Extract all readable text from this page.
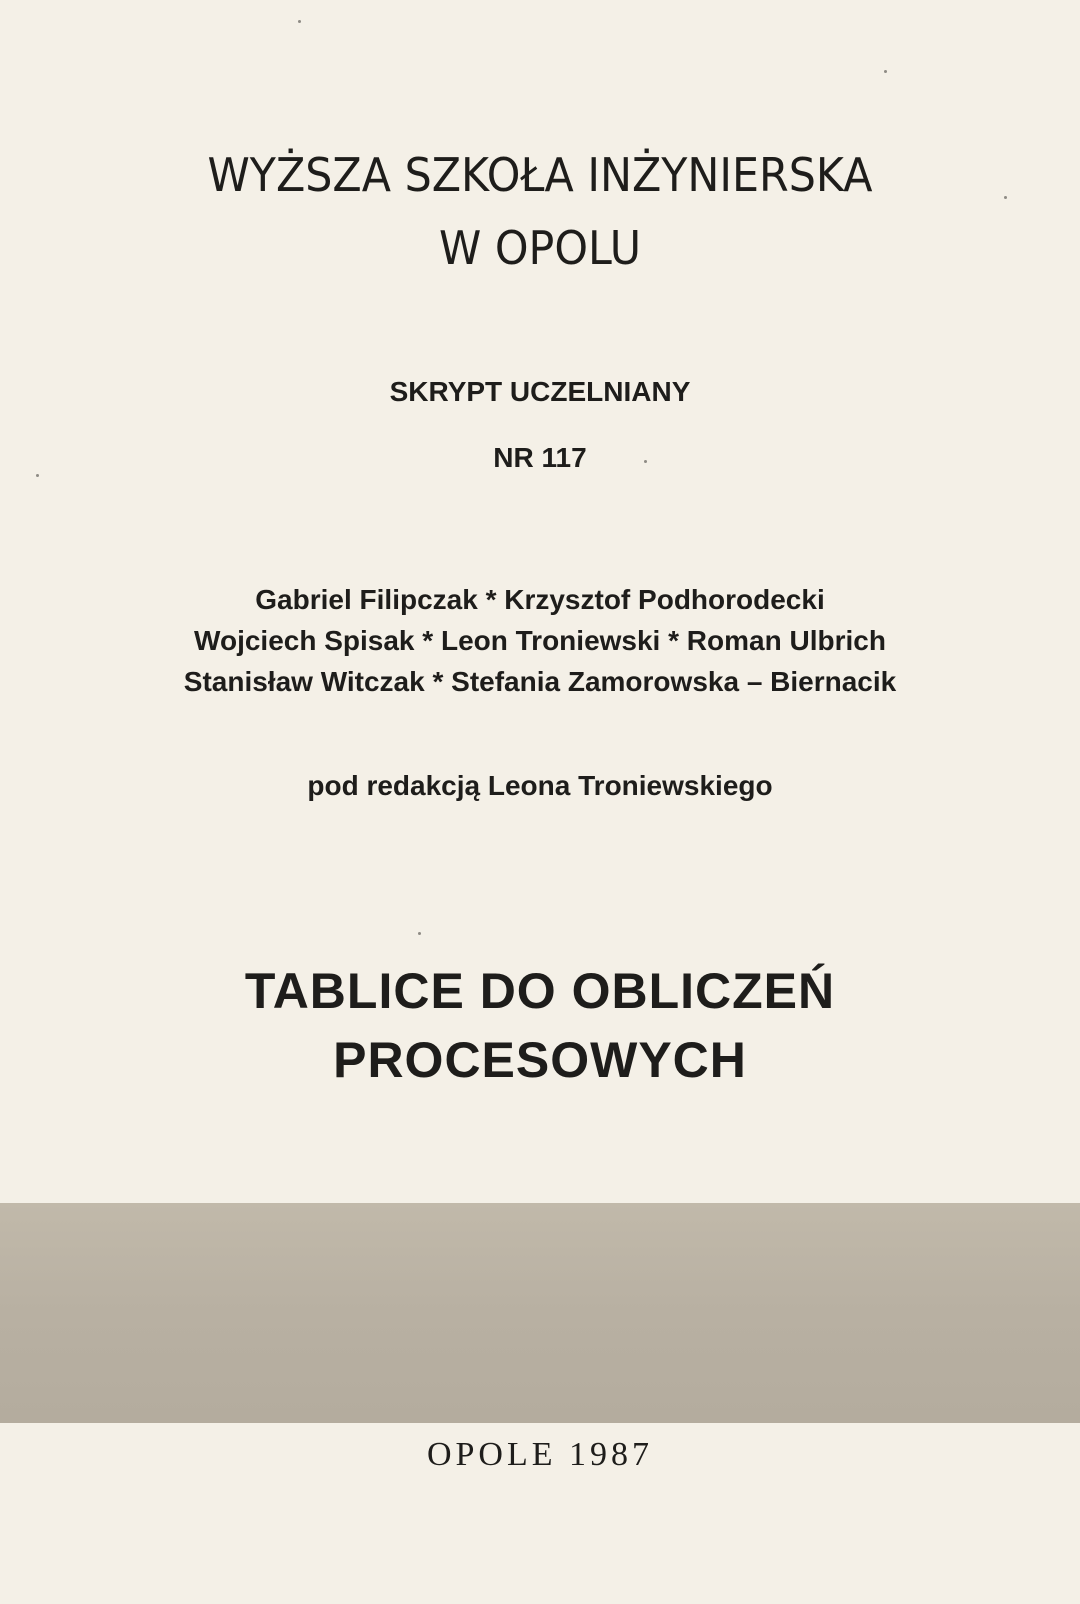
WYŻSZA SZKOŁA INŻYNIERSKA
W OPOLU
SKRYPT UCZELNIANY
NR 117
Gabriel Filipczak * Krzysztof Podhorodecki
Wojciech Spisak * Leon Troniewski * Roman Ulbrich
Stanisław Witczak * Stefania Zamorowska – Biernacik
pod redakcją Leona Troniewskiego
TABLICE DO OBLICZEŃ
PROCESOWYCH
OPOLE 1987
